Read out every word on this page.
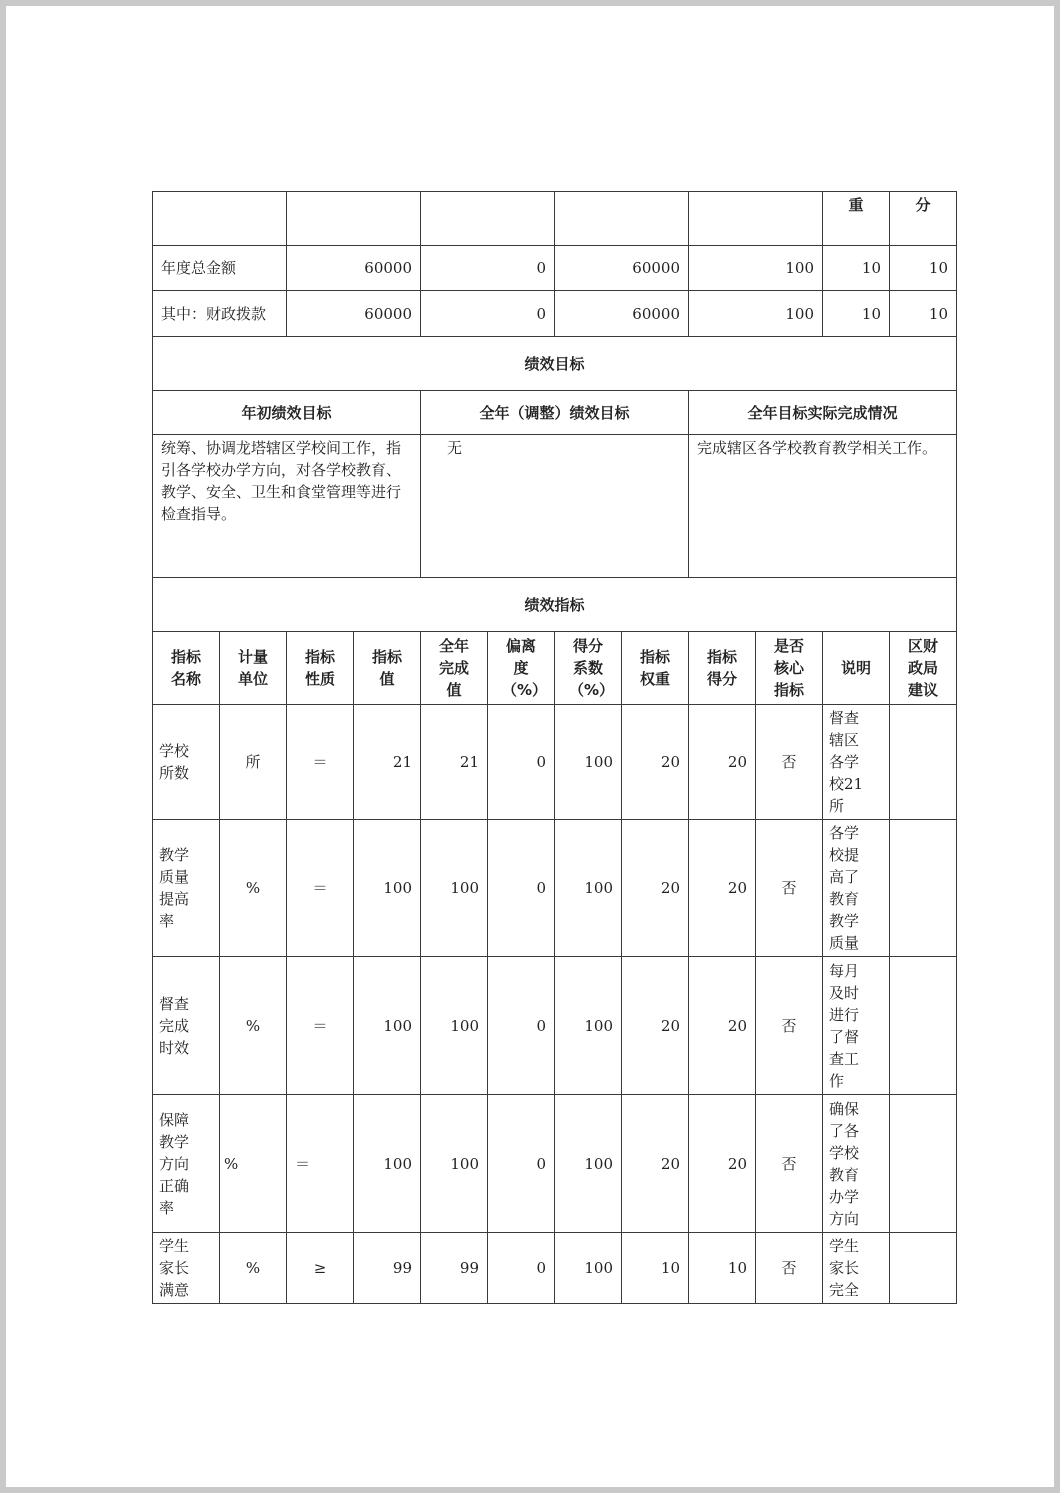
										重	分
年度总金额		60000		0		60000		100		10	10
其中：财政拨款		60000		0		60000		100		10	10
绩效目标											
年初绩效目标				全年（调整）绩效目标				全年目标实际完成情况			
统筹、协调龙塔辖区学校间工作，指引各学校办学方向，对各学校教育、教学、安全、卫生和食堂管理等进行检查指导。				无				完成辖区各学校教育教学相关工作。			
绩效指标											
指标名称	计量单位	指标性质	指标值	全年完成值	偏离度（%）	得分系数（%）	指标权重	指标得分	是否核心指标	说明	区财政局建议
学校所数	所	＝	21	21	0	100	20	20	否	督查辖区各学校21所	
教学质量提高率	%	＝	100	100	0	100	20	20	否	各学校提高了教育教学质量	
督查完成时效	%	＝	100	100	0	100	20	20	否	每月及时进行了督查工作	
保障教学方向正确率	%	＝	100	100	0	100	20	20	否	确保了各学校教育办学方向	
学生家长满意	%	≥	99	99	0	100	10	10	否	学生家长完全	
